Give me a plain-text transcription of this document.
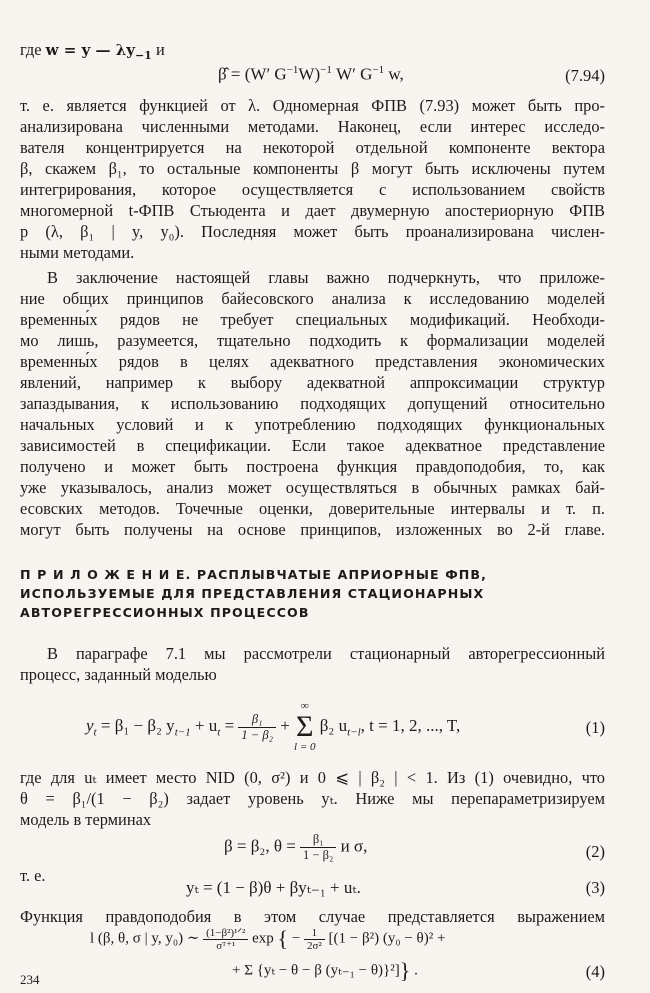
где w = y — $\lambda y_{-1}$ и
β̂ = (W′ $G^{-1}W)^{-1}$ W′ $G^{-1}$ w,	(7.94)
т. е. является функцией от λ. Одномерная ФПВ (7.93) может быть про-
анализирована численными методами. Наконец, если интерес исследо-
вателя концентрируется на некоторой отдельной компоненте вектора
β, скажем β₁, то остальные компоненты β могут быть исключены путем
интегрирования, которое осуществляется с использованием свойств
многомерной t-ФПВ Стьюдента и дает двумерную апостериорную ФПВ
p (λ, β₁ | y, y₀). Последняя может быть проанализирована числен-
ными методами.
В заключение настоящей главы важно подчеркнуть, что приложе-
ние общих принципов байесовского анализа к исследованию моделей
временны́х рядов не требует специальных модификаций. Необходи-
мо лишь, разумеется, тщательно подходить к формализации моделей
временны́х рядов в целях адекватного представления экономических
явлений, например к выбору адекватной аппроксимации структур
запаздывания, к использованию подходящих допущений относительно
начальных условий и к употреблению подходящих функциональных
зависимостей в спецификации. Если такое адекватное представление
получено и может быть построена функция правдоподобия, то, как
уже указывалось, анализ может осуществляться в обычных рамках бай-
есовских методов. Точечные оценки, доверительные интервалы и т. п.
могут быть получены на основе принципов, изложенных во 2-й главе.
П Р И Л О Ж Е Н И Е. РАСПЛЫВЧАТЫЕ АПРИОРНЫЕ ФПВ,
ИСПОЛЬЗУЕМЫЕ ДЛЯ ПРЕДСТАВЛЕНИЯ СТАЦИОНАРНЫХ
АВТОРЕГРЕССИОННЫХ ПРОЦЕССОВ
В параграфе 7.1 мы рассмотрели стационарный авторегрессионный
процесс, заданный моделью
$y_t = \beta_1 - \beta_2$ $y_{t-1} + u_t = \frac{\text{β₁}}{\text{1 − β₂}}$ + ∞
Σ
l = 0 β₂ $u_{t-l}$, t = 1, 2, ..., T,	(1)
где для uₜ имеет место NID (0, σ²) и 0 ⩽ | β₂ | < 1. Из (1) очевидно, что
θ = β₁/(1 − β₂) задает уровень yₜ. Ниже мы перепараметризируем
модель в терминах
β = β₂, $\theta = \frac{\text{β₁}}{\text{1 − β₂}}$ и σ,	(2)
т. е.
yₜ = (1 − β)θ + βyₜ₋₁ + uₜ.	(3)
Функция правдоподобия в этом случае представляется выражением
l (β, θ, σ | y, y₀) ∼ $\frac{\text{(1−β²)¹ᐟ²}}{\text{σᵀ⁺¹}}$ exp { − $\frac{1}{\text{2σ²}} [(1 - \beta^2) (y_0 - \theta)^2$ +
+ Σ {yₜ − θ − β (yₜ₋₁ − θ)}²]} .	(4)
234
